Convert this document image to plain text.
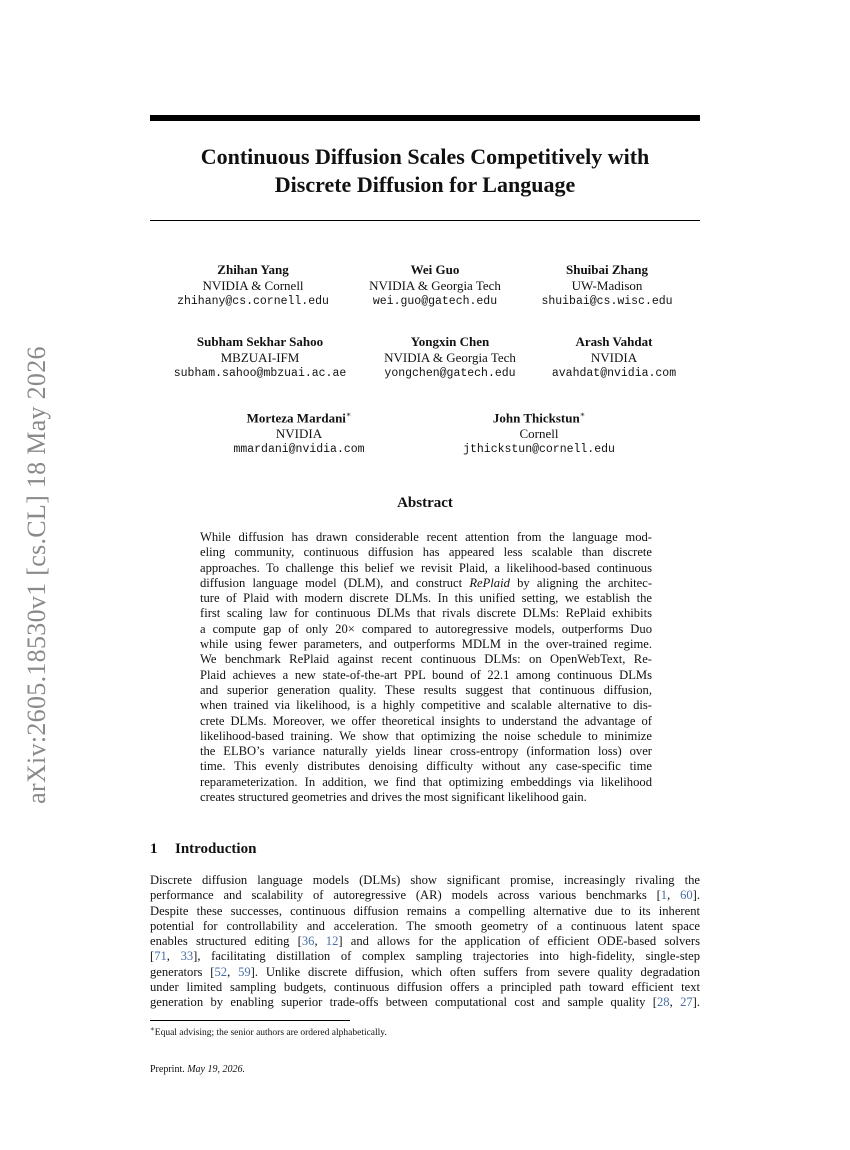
arXiv:2605.18530v1 [cs.CL] 18 May 2026
Continuous Diffusion Scales Competitively with
Discrete Diffusion for Language
Zhihan Yang
NVIDIA & Cornell
zhihany@cs.cornell.edu
Wei Guo
NVIDIA & Georgia Tech
wei.guo@gatech.edu
Shuibai Zhang
UW-Madison
shuibai@cs.wisc.edu
Subham Sekhar Sahoo
MBZUAI-IFM
subham.sahoo@mbzuai.ac.ae
Yongxin Chen
NVIDIA & Georgia Tech
yongchen@gatech.edu
Arash Vahdat
NVIDIA
avahdat@nvidia.com
Morteza Mardani∗
NVIDIA
mmardani@nvidia.com
John Thickstun∗
Cornell
jthickstun@cornell.edu
Abstract
While diffusion has drawn considerable recent attention from the language mod-
eling community, continuous diffusion has appeared less scalable than discrete
approaches. To challenge this belief we revisit Plaid, a likelihood-based continuous
diffusion language model (DLM), and construct RePlaid by aligning the architec-
ture of Plaid with modern discrete DLMs. In this unified setting, we establish the
first scaling law for continuous DLMs that rivals discrete DLMs: RePlaid exhibits
a compute gap of only 20× compared to autoregressive models, outperforms Duo
while using fewer parameters, and outperforms MDLM in the over-trained regime.
We benchmark RePlaid against recent continuous DLMs: on OpenWebText, Re-
Plaid achieves a new state-of-the-art PPL bound of 22.1 among continuous DLMs
and superior generation quality. These results suggest that continuous diffusion,
when trained via likelihood, is a highly competitive and scalable alternative to dis-
crete DLMs. Moreover, we offer theoretical insights to understand the advantage of
likelihood-based training. We show that optimizing the noise schedule to minimize
the ELBO’s variance naturally yields linear cross-entropy (information loss) over
time. This evenly distributes denoising difficulty without any case-specific time
reparameterization. In addition, we find that optimizing embeddings via likelihood
creates structured geometries and drives the most significant likelihood gain.
1 Introduction
Discrete diffusion language models (DLMs) show significant promise, increasingly rivaling the
performance and scalability of autoregressive (AR) models across various benchmarks [1, 60].
Despite these successes, continuous diffusion remains a compelling alternative due to its inherent
potential for controllability and acceleration. The smooth geometry of a continuous latent space
enables structured editing [36, 12] and allows for the application of efficient ODE-based solvers
[71, 33], facilitating distillation of complex sampling trajectories into high-fidelity, single-step
generators [52, 59]. Unlike discrete diffusion, which often suffers from severe quality degradation
under limited sampling budgets, continuous diffusion offers a principled path toward efficient text
generation by enabling superior trade-offs between computational cost and sample quality [28, 27].
∗Equal advising; the senior authors are ordered alphabetically.
Preprint. May 19, 2026.
